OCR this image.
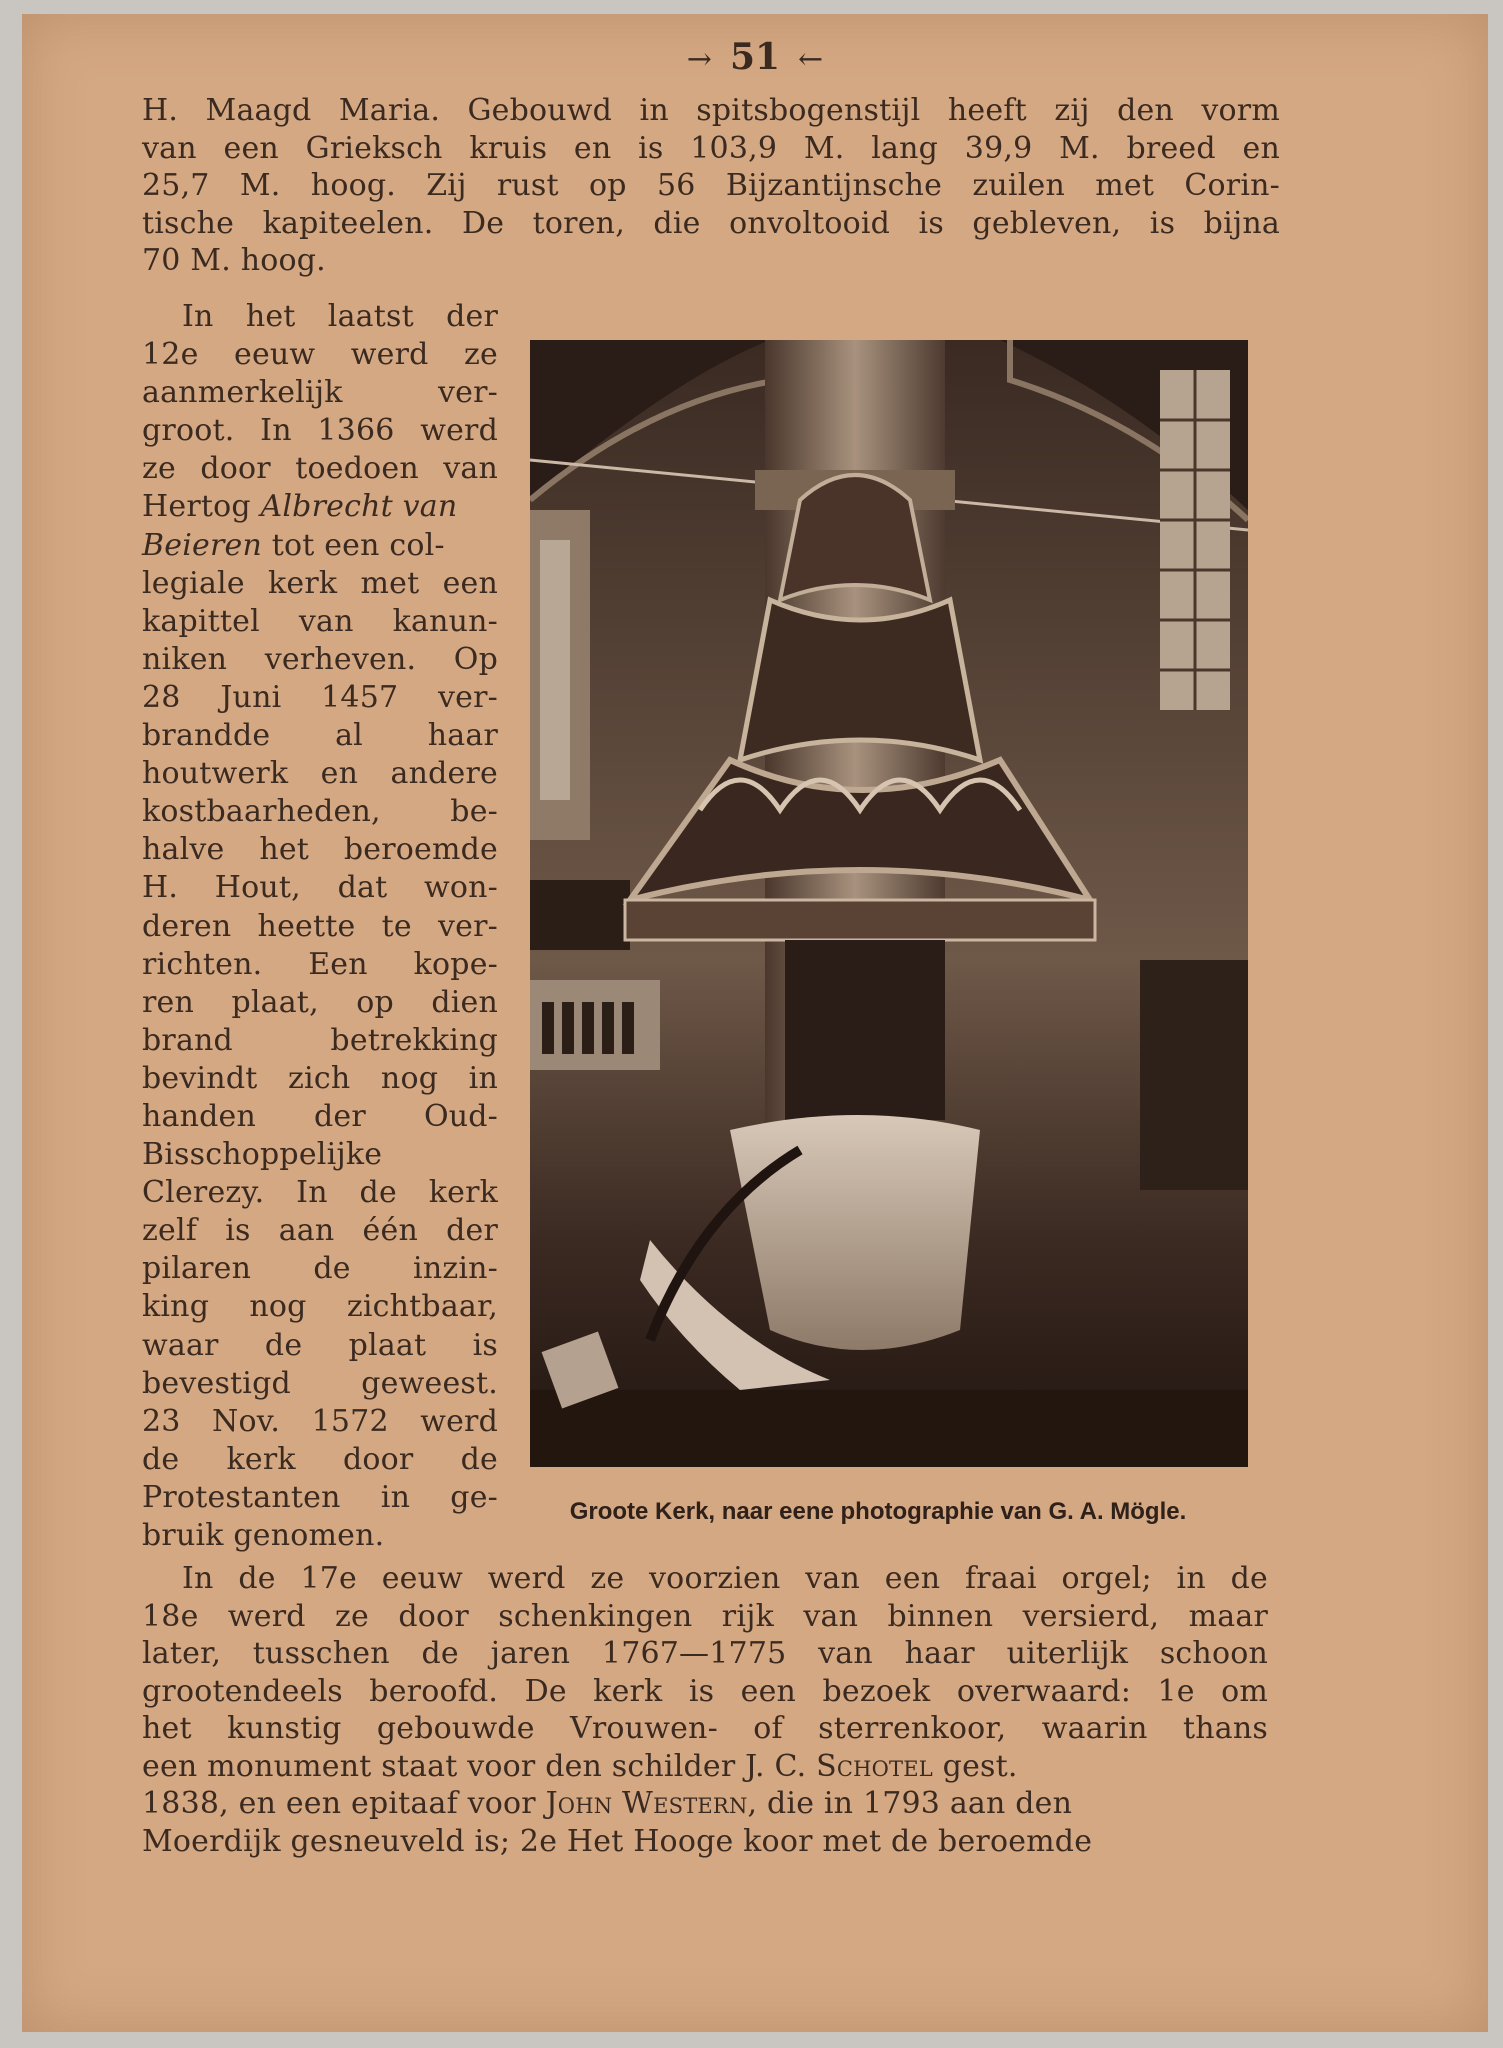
→ 51 ←
H. Maagd Maria. Gebouwd in spitsbogenstijl heeft zij den vorm
van een Grieksch kruis en is 103,9 M. lang 39,9 M. breed en
25,7 M. hoog. Zij rust op 56 Bijzantijnsche zuilen met Corin-
tische kapiteelen. De toren, die onvoltooid is gebleven, is bijna
70 M. hoog.
In het laatst der
12e eeuw werd ze
aanmerkelijk ver-
groot. In 1366 werd
ze door toedoen van
Hertog Albrecht van
Beieren tot een col-
legiale kerk met een
kapittel van kanun-
niken verheven. Op
28 Juni 1457 ver-
brandde al haar
houtwerk en andere
kostbaarheden, be-
halve het beroemde
H. Hout, dat won-
deren heette te ver-
richten. Een kope-
ren plaat, op dien
brand betrekking
bevindt zich nog in
handen der Oud-
Bisschoppelijke
Clerezy. In de kerk
zelf is aan één der
pilaren de inzin-
king nog zichtbaar,
waar de plaat is
bevestigd geweest.
23 Nov. 1572 werd
de kerk door de
Protestanten in ge-
bruik genomen.
Groote Kerk, naar eene photographie van G. A. Mögle.
In de 17e eeuw werd ze voorzien van een fraai orgel; in de
18e werd ze door schenkingen rijk van binnen versierd, maar
later, tusschen de jaren 1767—1775 van haar uiterlijk schoon
grootendeels beroofd. De kerk is een bezoek overwaard: 1e om
het kunstig gebouwde Vrouwen- of sterrenkoor, waarin thans
een monument staat voor den schilder J. C. Schotel gest.
1838, en een epitaaf voor John Western, die in 1793 aan den
Moerdijk gesneuveld is; 2e Het Hooge koor met de beroemde
